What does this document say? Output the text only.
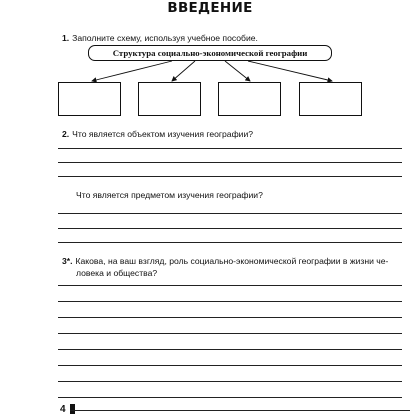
ВВЕДЕНИЕ
1. Заполните схему, используя учебное пособие.
Структура социально-экономической географии
2. Что является объектом изучения географии?
Что является предметом изучения географии?
3*. Какова, на ваш взгляд, роль социально-экономической географии в жизни че-
ловека и общества?
4
